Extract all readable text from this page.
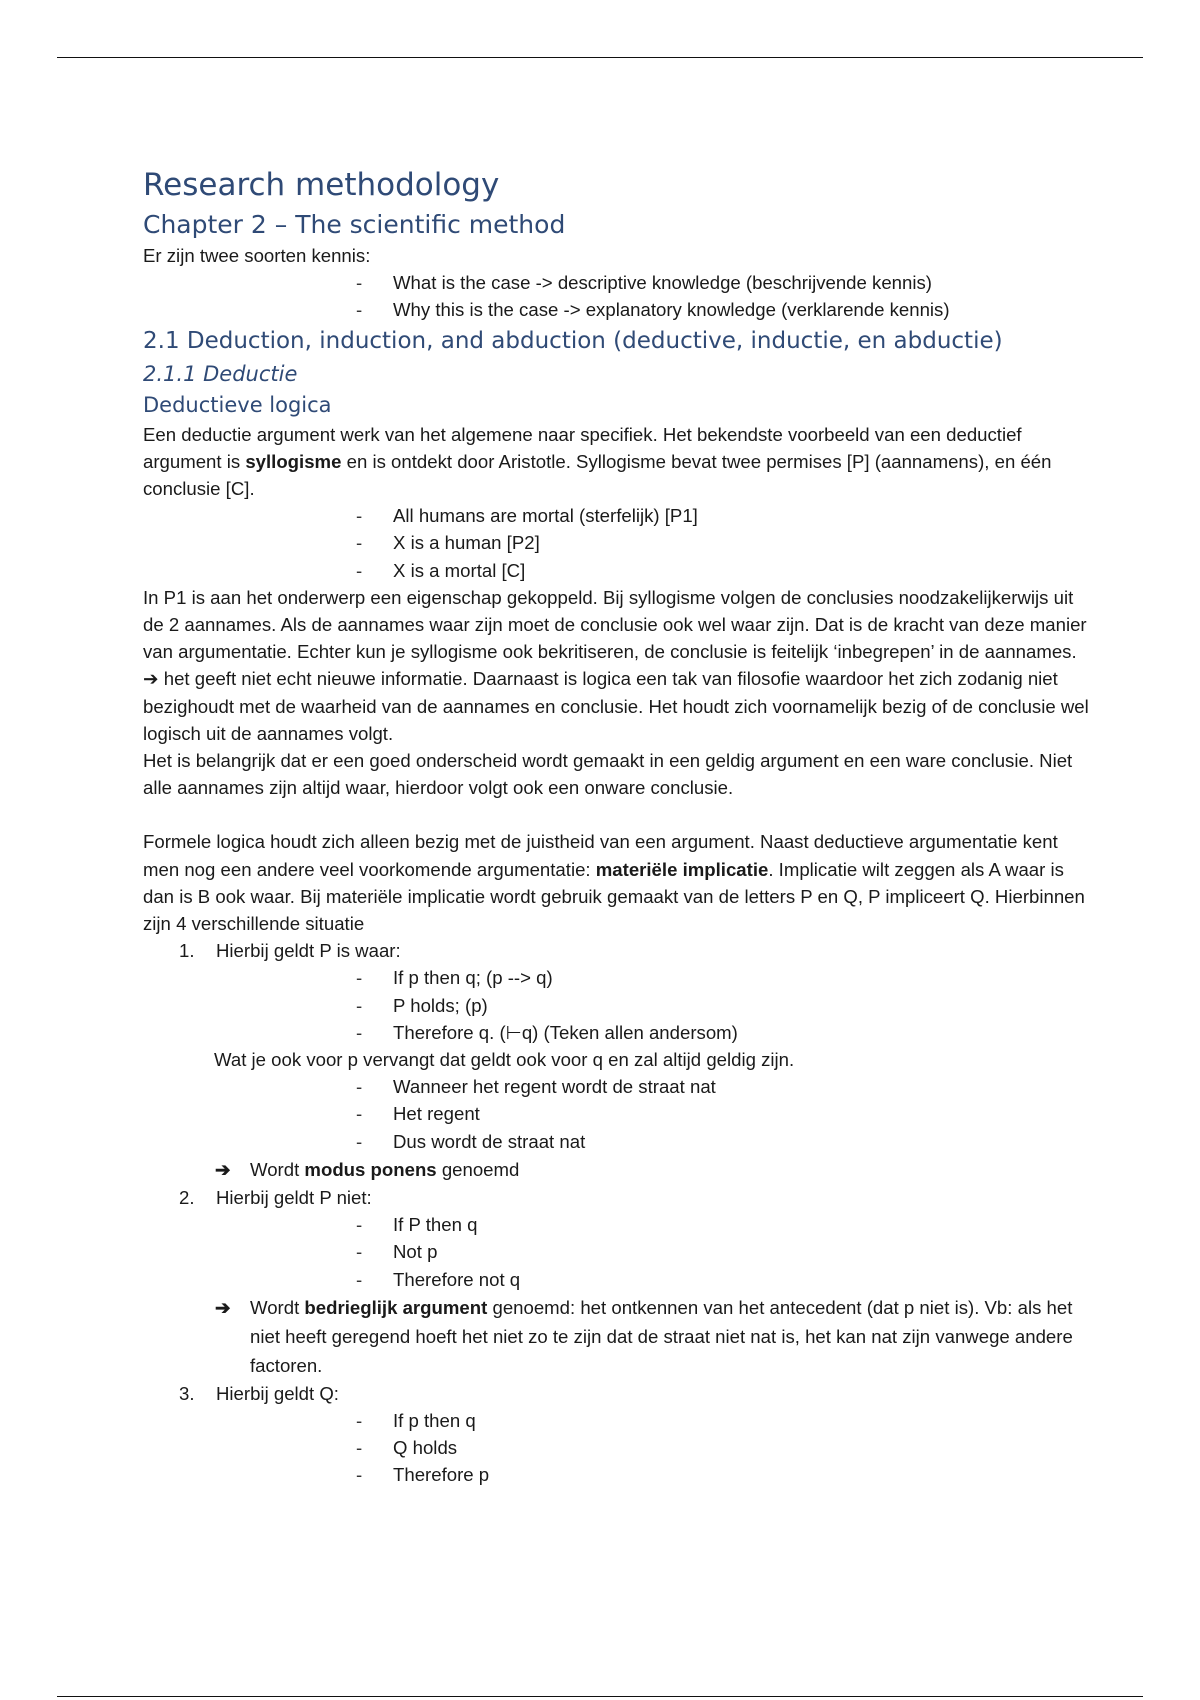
Research methodology
Chapter 2 – The scientific method

Er zijn twee soorten kennis:

- What is the case -> descriptive knowledge (beschrijvende kennis)
- Why this is the case -> explanatory knowledge (verklarende kennis)
2.1 Deduction, induction, and abduction (deductive, inductie, en abductie)
2.1.1 Deductie
Deductieve logica

Een deductie argument werk van het algemene naar specifiek. Het bekendste voorbeeld van een deductief argument is syllogisme en is ontdekt door Aristotle. Syllogisme bevat twee permises [P] (aannamens), en één conclusie [C].

- All humans are mortal (sterfelijk) [P1]
- X is a human [P2]
- X is a mortal [C]

In P1 is aan het onderwerp een eigenschap gekoppeld. Bij syllogisme volgen de conclusies noodzakelijkerwijs uit de 2 aannames. Als de aannames waar zijn moet de conclusie ook wel waar zijn. Dat is de kracht van deze manier van argumentatie. Echter kun je syllogisme ook bekritiseren, de conclusie is feitelijk ‘inbegrepen’ in de aannames. ➔ het geeft niet echt nieuwe informatie. Daarnaast is logica een tak van filosofie waardoor het zich zodanig niet bezighoudt met de waarheid van de aannames en conclusie. Het houdt zich voornamelijk bezig of de conclusie wel logisch uit de aannames volgt.

Het is belangrijk dat er een goed onderscheid wordt gemaakt in een geldig argument en een ware conclusie. Niet alle aannames zijn altijd waar, hierdoor volgt ook een onware conclusie.

Formele logica houdt zich alleen bezig met de juistheid van een argument. Naast deductieve argumentatie kent men nog een andere veel voorkomende argumentatie: materiële implicatie. Implicatie wilt zeggen als A waar is dan is B ook waar. Bij materiële implicatie wordt gebruik gemaakt van de letters P en Q, P impliceert Q. Hierbinnen zijn 4 verschillende situatie

1. Hierbij geldt P is waar:
- If p then q; (p --> q)
- P holds; (p)
- Therefore q. (⊢q) (Teken allen andersom)

Wat je ook voor p vervangt dat geldt ook voor q en zal altijd geldig zijn.

- Wanneer het regent wordt de straat nat
- Het regent
- Dus wordt de straat nat
➔ Wordt modus ponens genoemd
2. Hierbij geldt P niet:
- If P then q
- Not p
- Therefore not q
➔ Wordt bedrieglijk argument genoemd: het ontkennen van het antecedent (dat p niet is). Vb: als het niet heeft geregend hoeft het niet zo te zijn dat de straat niet nat is, het kan nat zijn vanwege andere factoren.
3. Hierbij geldt Q:
- If p then q
- Q holds
- Therefore p
